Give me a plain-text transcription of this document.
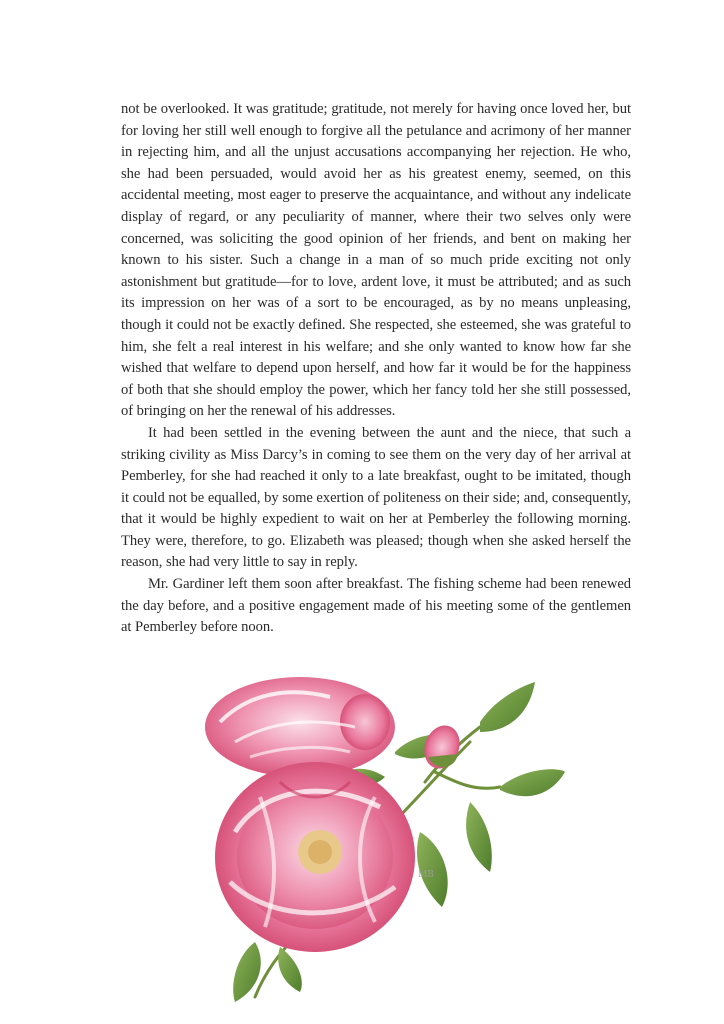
not be overlooked. It was gratitude; gratitude, not merely for having once loved her, but for loving her still well enough to forgive all the petulance and acrimony of her manner in rejecting him, and all the unjust accusations accompanying her rejection. He who, she had been persuaded, would avoid her as his greatest enemy, seemed, on this accidental meeting, most eager to preserve the acquaintance, and without any indelicate display of regard, or any peculiarity of manner, where their two selves only were concerned, was soliciting the good opinion of her friends, and bent on making her known to his sister. Such a change in a man of so much pride exciting not only astonishment but gratitude—for to love, ardent love, it must be attributed; and as such its impression on her was of a sort to be encouraged, as by no means unpleasing, though it could not be exactly defined. She respected, she esteemed, she was grateful to him, she felt a real interest in his welfare; and she only wanted to know how far she wished that welfare to depend upon herself, and how far it would be for the happiness of both that she should employ the power, which her fancy told her she still possessed, of bringing on her the renewal of his addresses.

It had been settled in the evening between the aunt and the niece, that such a striking civility as Miss Darcy’s in coming to see them on the very day of her arrival at Pemberley, for she had reached it only to a late breakfast, ought to be imitated, though it could not be equalled, by some exertion of politeness on their side; and, consequently, that it would be highly expedient to wait on her at Pemberley the following morning. They were, therefore, to go. Elizabeth was pleased; though when she asked herself the reason, she had very little to say in reply.

Mr. Gardiner left them soon after breakfast. The fishing scheme had been renewed the day before, and a positive engagement made of his meeting some of the gentlemen at Pemberley before noon.

MB
